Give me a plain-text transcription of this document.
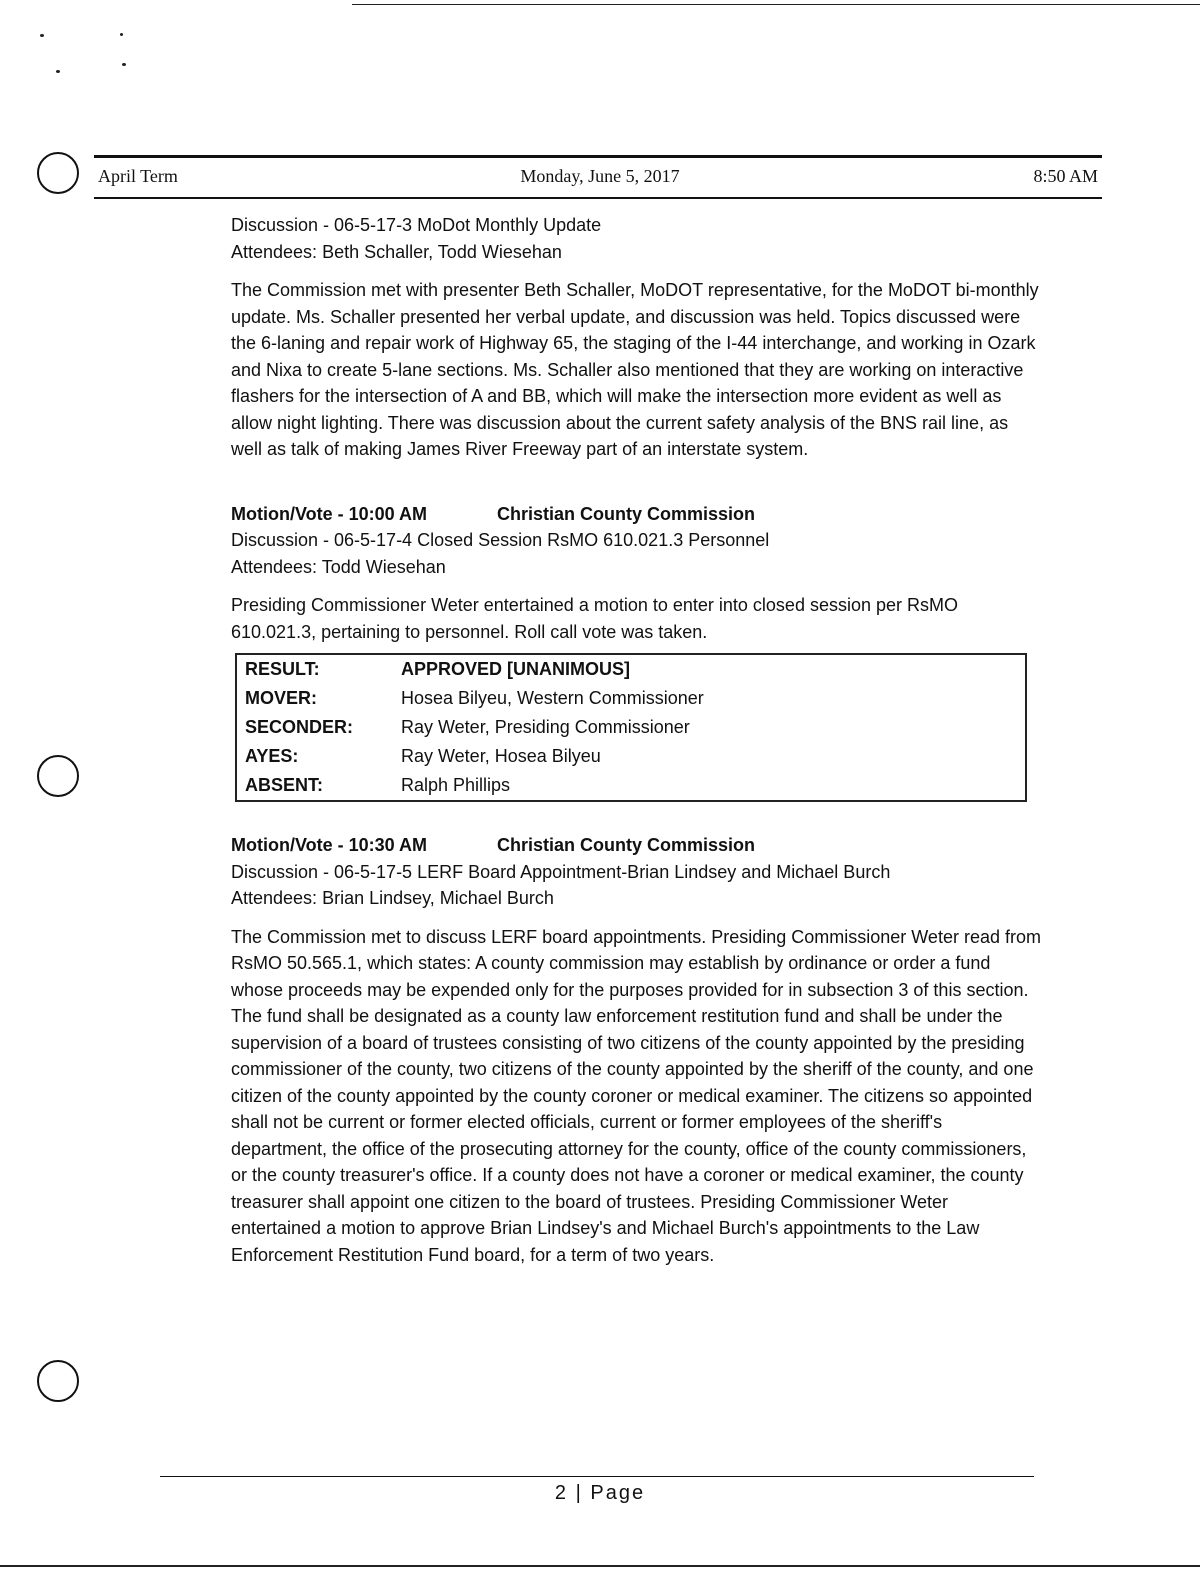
April Term	Monday, June 5, 2017	8:50 AM
Discussion - 06-5-17-3 MoDot Monthly Update
Attendees: Beth Schaller, Todd Wiesehan

The Commission met with presenter Beth Schaller, MoDOT representative, for the MoDOT bi-monthly update. Ms. Schaller presented her verbal update, and discussion was held. Topics discussed were the 6-laning and repair work of Highway 65, the staging of the I-44 interchange, and working in Ozark and Nixa to create 5-lane sections. Ms. Schaller also mentioned that they are working on interactive flashers for the intersection of A and BB, which will make the intersection more evident as well as allow night lighting. There was discussion about the current safety analysis of the BNS rail line, as well as talk of making James River Freeway part of an interstate system.

Motion/Vote - 10:00 AM	Christian County Commission
Discussion - 06-5-17-4 Closed Session RsMO 610.021.3 Personnel
Attendees: Todd Wiesehan

Presiding Commissioner Weter entertained a motion to enter into closed session per RsMO 610.021.3, pertaining to personnel. Roll call vote was taken.

RESULT:	APPROVED [UNANIMOUS]
MOVER:	Hosea Bilyeu, Western Commissioner
SECONDER:	Ray Weter, Presiding Commissioner
AYES:	Ray Weter, Hosea Bilyeu
ABSENT:	Ralph Phillips
Motion/Vote - 10:30 AM	Christian County Commission
Discussion - 06-5-17-5 LERF Board Appointment-Brian Lindsey and Michael Burch
Attendees: Brian Lindsey, Michael Burch

The Commission met to discuss LERF board appointments. Presiding Commissioner Weter read from RsMO 50.565.1, which states: A county commission may establish by ordinance or order a fund whose proceeds may be expended only for the purposes provided for in subsection 3 of this section. The fund shall be designated as a county law enforcement restitution fund and shall be under the supervision of a board of trustees consisting of two citizens of the county appointed by the presiding commissioner of the county, two citizens of the county appointed by the sheriff of the county, and one citizen of the county appointed by the county coroner or medical examiner. The citizens so appointed shall not be current or former elected officials, current or former employees of the sheriff's department, the office of the prosecuting attorney for the county, office of the county commissioners, or the county treasurer's office. If a county does not have a coroner or medical examiner, the county treasurer shall appoint one citizen to the board of trustees. Presiding Commissioner Weter entertained a motion to approve Brian Lindsey's and Michael Burch's appointments to the Law Enforcement Restitution Fund board, for a term of two years.

2 | Page
